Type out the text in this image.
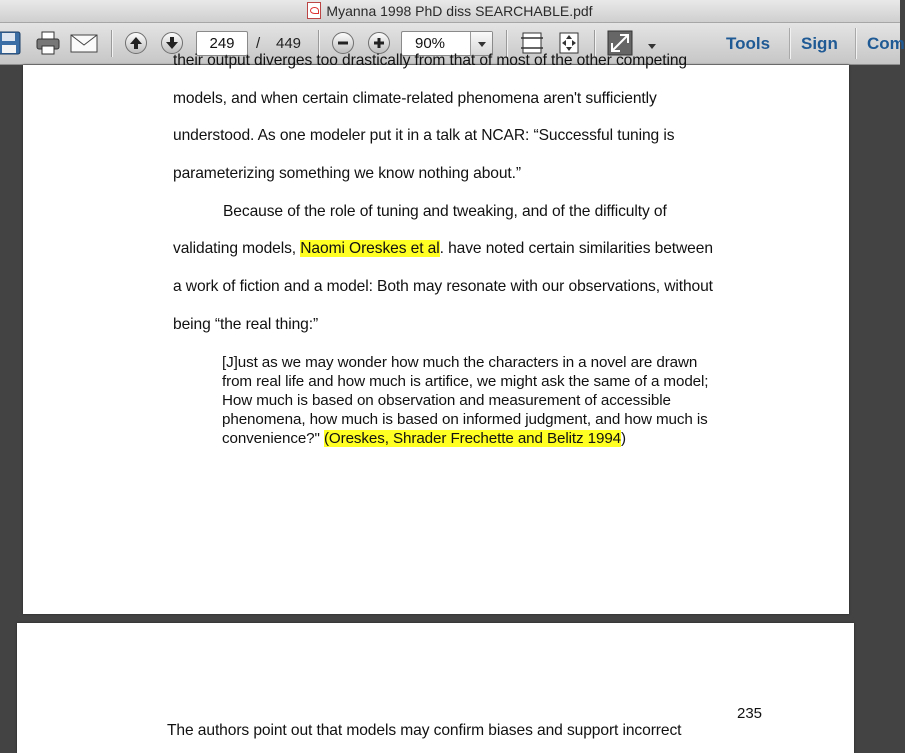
Myanna 1998 PhD diss SEARCHABLE.pdf
249	/ 449	90%	Tools Sign Com
their output diverges too drastically from that of most of the other competing
models, and when certain climate-related phenomena aren't sufficiently
understood. As one modeler put it in a talk at NCAR: “Successful tuning is
parameterizing something we know nothing about.”
Because of the role of tuning and tweaking, and of the difficulty of
validating models, Naomi Oreskes et al. have noted certain similarities between
a work of fiction and a model: Both may resonate with our observations, without
being “the real thing:”
[J]ust as we may wonder how much the characters in a novel are drawn
from real life and how much is artifice, we might ask the same of a model;
How much is based on observation and measurement of accessible
phenomena, how much is based on informed judgment, and how much is
convenience?" (Oreskes, Shrader Frechette and Belitz 1994)
235
The authors point out that models may confirm biases and support incorrect
